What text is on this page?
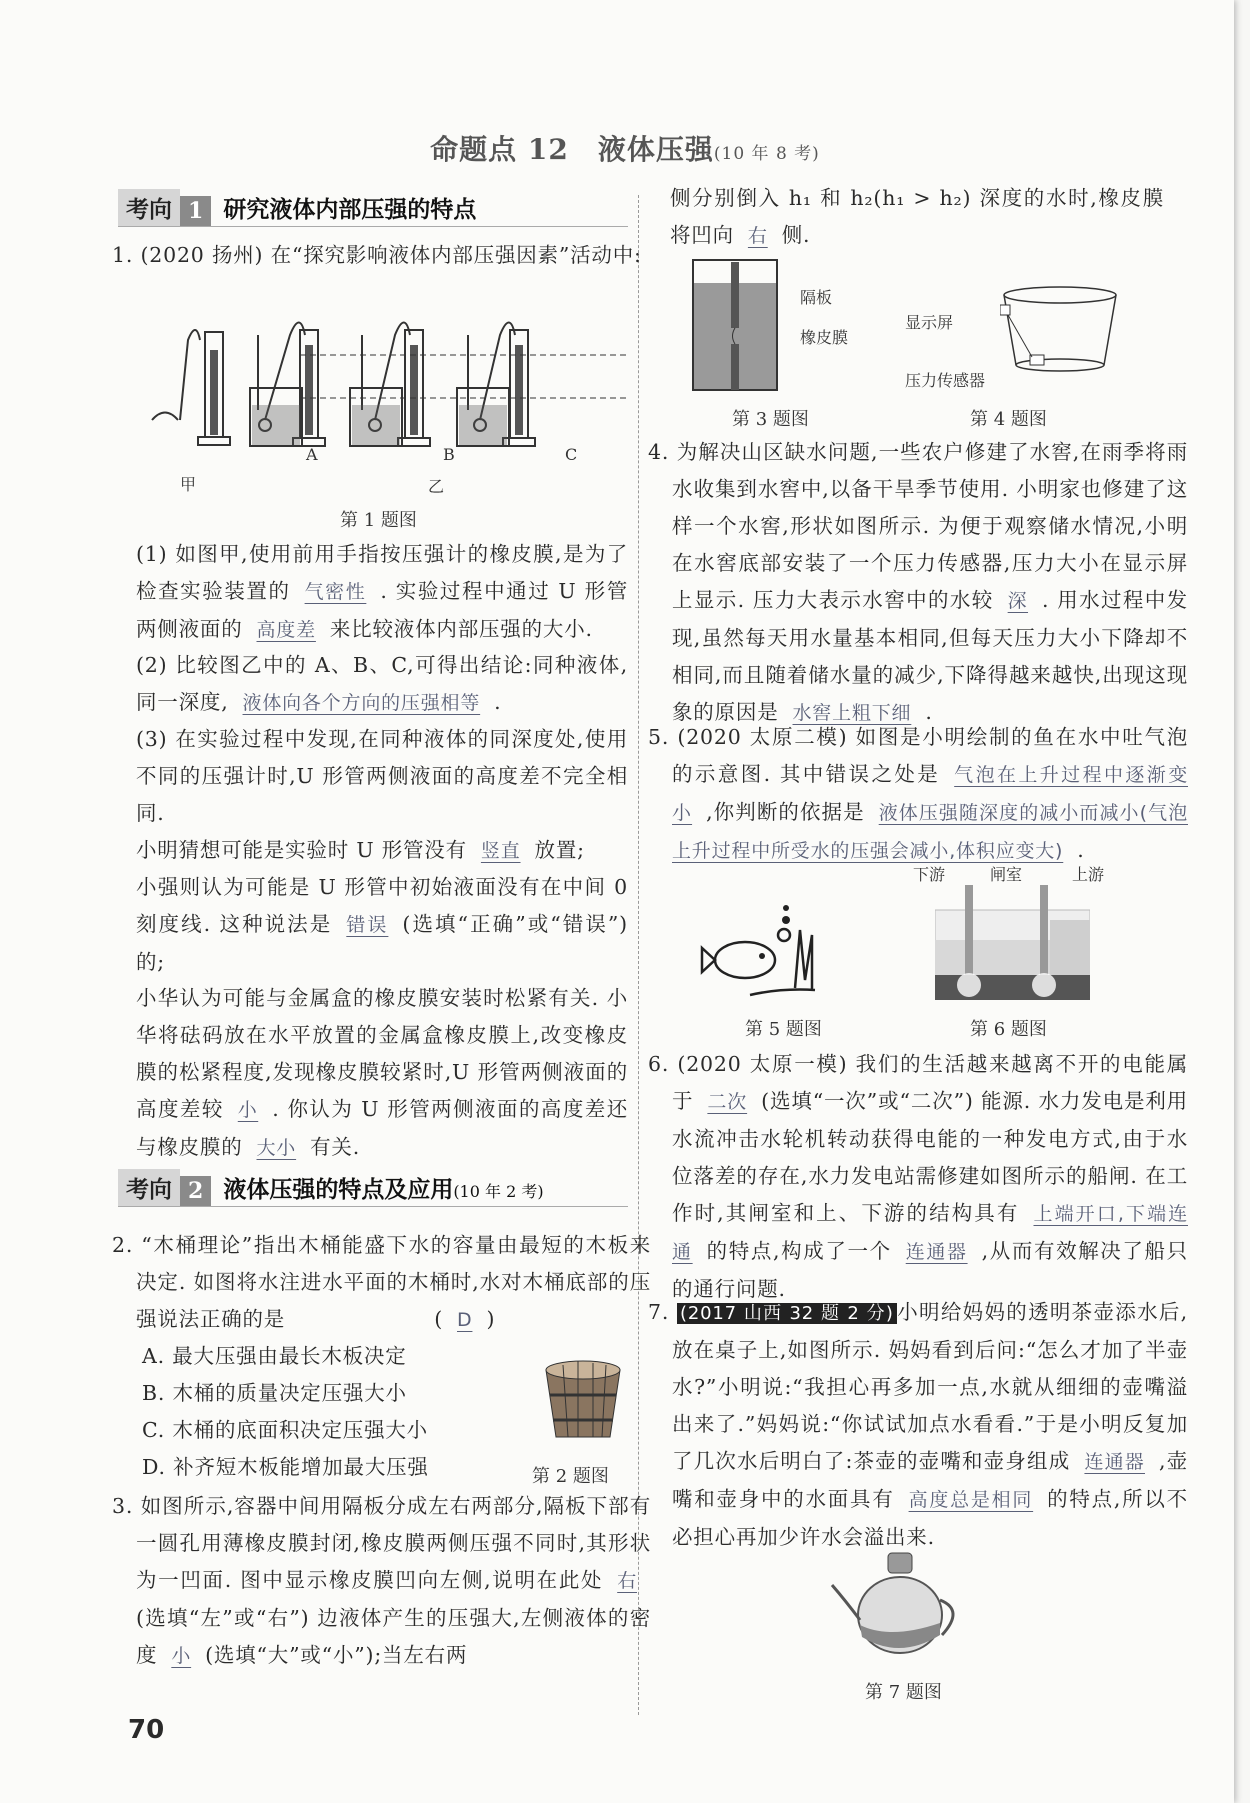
命题点 12　液体压强(10 年 8 考)
考向 1 研究液体内部压强的特点
1. (2020 扬州) 在“探究影响液体内部压强因素”活动中:
甲
A	B	C
乙
第 1 题图
(1) 如图甲,使用前用手指按压强计的橡皮膜,是为了检查实验装置的 气密性 . 实验过程中通过 U 形管两侧液面的 高度差 来比较液体内部压强的大小.
(2) 比较图乙中的 A、B、C,可得出结论:同种液体,同一深度, 液体向各个方向的压强相等 .
(3) 在实验过程中发现,在同种液体的同深度处,使用不同的压强计时,U 形管两侧液面的高度差不完全相同.
小明猜想可能是实验时 U 形管没有 竖直 放置;
小强则认为可能是 U 形管中初始液面没有在中间 0 刻度线. 这种说法是 错误 (选填“正确”或“错误”)的;
小华认为可能与金属盒的橡皮膜安装时松紧有关. 小华将砝码放在水平放置的金属盒橡皮膜上,改变橡皮膜的松紧程度,发现橡皮膜较紧时,U 形管两侧液面的高度差较 小 . 你认为 U 形管两侧液面的高度差还与橡皮膜的 大小 有关.
考向 2 液体压强的特点及应用(10 年 2 考)
2. “木桶理论”指出木桶能盛下水的容量由最短的木板来决定. 如图将水注进水平面的木桶时,水对木桶底部的压强说法正确的是　　　　　　　( D )
A. 最大压强由最长木板决定
B. 木桶的质量决定压强大小
C. 木桶的底面积决定压强大小
D. 补齐短木板能增加最大压强	第 2 题图
3. 如图所示,容器中间用隔板分成左右两部分,隔板下部有一圆孔用薄橡皮膜封闭,橡皮膜两侧压强不同时,其形状为一凹面. 图中显示橡皮膜凹向左侧,说明在此处 右(选填“左”或“右”) 边液体产生的压强大,左侧液体的密度 小 (选填“大”或“小”);当左右两
侧分别倒入 h₁ 和 h₂(h₁ > h₂) 深度的水时,橡皮膜将凹向 右 侧.
隔板
橡皮膜
第 3 题图
显示屏
压力传感器
第 4 题图
4. 为解决山区缺水问题,一些农户修建了水窖,在雨季将雨水收集到水窖中,以备干旱季节使用. 小明家也修建了这样一个水窖,形状如图所示. 为便于观察储水情况,小明在水窖底部安装了一个压力传感器,压力大小在显示屏上显示. 压力大表示水窖中的水较 深 . 用水过程中发现,虽然每天用水量基本相同,但每天压力大小下降却不相同,而且随着储水量的减少,下降得越来越快,出现这现象的原因是 水窖上粗下细 .
5. (2020 太原二模) 如图是小明绘制的鱼在水中吐气泡的示意图. 其中错误之处是 气泡在上升过程中逐渐变小 ,你判断的依据是 液体压强随深度的减小而减小(气泡上升过程中所受水的压强会减小,体积应变大) .
第 5 题图
下游	闸室	上游
第 6 题图
6. (2020 太原一模) 我们的生活越来越离不开的电能属于 二次 (选填“一次”或“二次”) 能源. 水力发电是利用水流冲击水轮机转动获得电能的一种发电方式,由于水位落差的存在,水力发电站需修建如图所示的船闸. 在工作时,其闸室和上、下游的结构具有 上端开口,下端连通 的特点,构成了一个 连通器 ,从而有效解决了船只的通行问题.
7. (2017 山西 32 题 2 分) 小明给妈妈的透明茶壶添水后,放在桌子上,如图所示. 妈妈看到后问:“怎么才加了半壶水?”小明说:“我担心再多加一点,水就从细细的壶嘴溢出来了.”妈妈说:“你试试加点水看看.”于是小明反复加了几次水后明白了:茶壶的壶嘴和壶身组成 连通器 ,壶嘴和壶身中的水面具有 高度总是相同 的特点,所以不必担心再加少许水会溢出来.
第 7 题图
70
